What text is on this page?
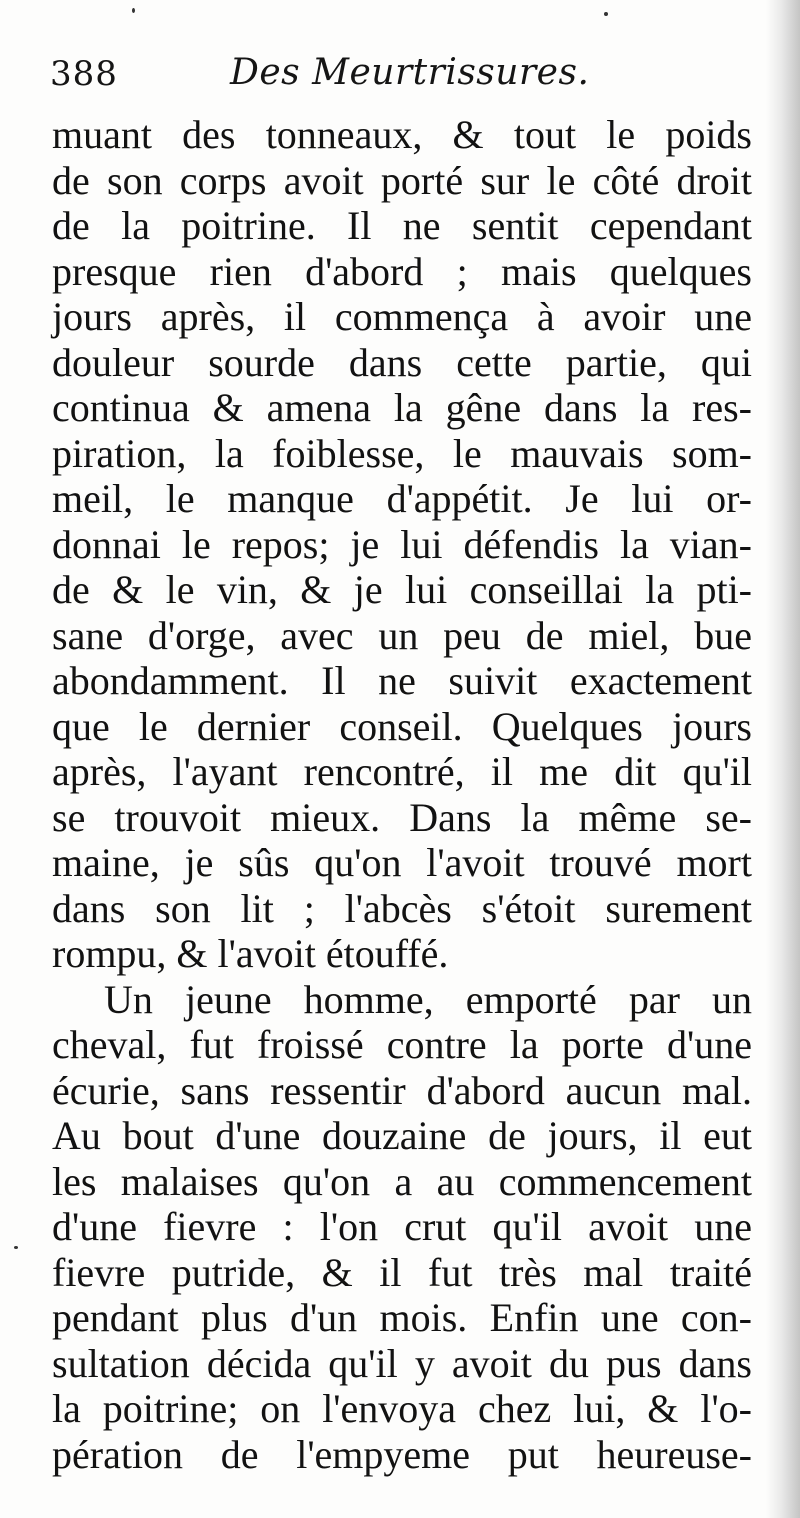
388	Des Meurtrissures.
muant des tonneaux, & tout le poids
de son corps avoit porté sur le côté droit
de la poitrine. Il ne sentit cependant
presque rien d'abord ; mais quelques
jours après, il commença à avoir une
douleur sourde dans cette partie, qui
continua & amena la gêne dans la res-
piration, la foiblesse, le mauvais som-
meil, le manque d'appétit. Je lui or-
donnai le repos; je lui défendis la vian-
de & le vin, & je lui conseillai la pti-
sane d'orge, avec un peu de miel, bue
abondamment. Il ne suivit exactement
que le dernier conseil. Quelques jours
après, l'ayant rencontré, il me dit qu'il
se trouvoit mieux. Dans la même se-
maine, je sûs qu'on l'avoit trouvé mort
dans son lit ; l'abcès s'étoit surement
rompu, & l'avoit étouffé.
Un jeune homme, emporté par un
cheval, fut froissé contre la porte d'une
écurie, sans ressentir d'abord aucun mal.
Au bout d'une douzaine de jours, il eut
les malaises qu'on a au commencement
d'une fievre : l'on crut qu'il avoit une
fievre putride, & il fut très mal traité
pendant plus d'un mois. Enfin une con-
sultation décida qu'il y avoit du pus dans
la poitrine; on l'envoya chez lui, & l'o-
pération de l'empyeme put heureuse-
